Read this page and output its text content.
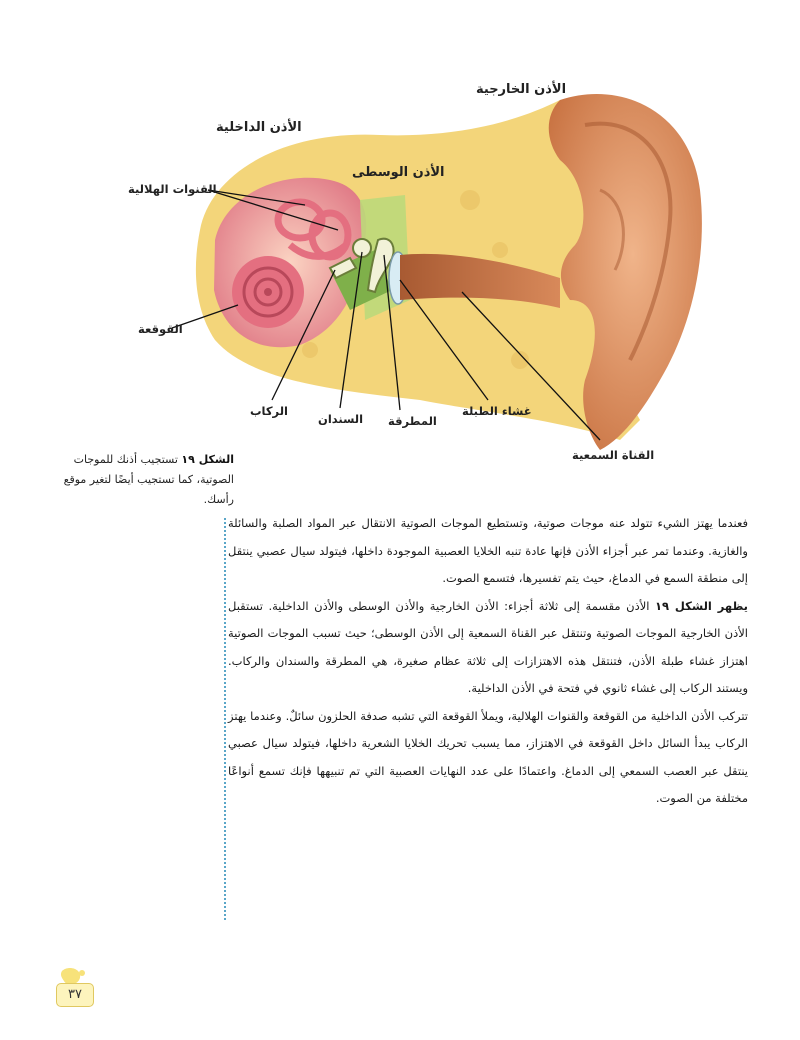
الأذن الخارجية
الأذن الداخلية
الأذن الوسطى
القنوات الهلالية
القوقعة
الركاب
السندان المطرقة
غشاء الطبلة
القناة السمعية
الشكل ١٩ تستجيب أذنك للموجات الصوتية، كما تستجيب أيضًا لتغير موقع رأسك.

فعندما يهتز الشيء تتولد عنه موجات صوتية، وتستطيع الموجات الصوتية الانتقال عبر المواد الصلبة والسائلة والغازية. وعندما تمر عبر أجزاء الأذن فإنها عادة تنبه الخلايا العصبية الموجودة داخلها، فيتولد سيال عصبي ينتقل إلى منطقة السمع في الدماغ، حيث يتم تفسيرها، فتسمع الصوت.

يظهر الشكل ١٩ الأذن مقسمة إلى ثلاثة أجزاء: الأذن الخارجية والأذن الوسطى والأذن الداخلية. تستقبل الأذن الخارجية الموجات الصوتية وتنتقل عبر القناة السمعية إلى الأذن الوسطى؛ حيث تسبب الموجات الصوتية اهتزاز غشاء طبلة الأذن، فتنتقل هذه الاهتزازات إلى ثلاثة عظام صغيرة، هي المطرقة والسندان والركاب. ويستند الركاب إلى غشاء ثانوي في فتحة في الأذن الداخلية.

تتركب الأذن الداخلية من القوقعة والقنوات الهلالية، ويملأ القوقعة التي تشبه صدفة الحلزون سائلٌ. وعندما يهتز الركاب يبدأ السائل داخل القوقعة في الاهتزاز، مما يسبب تحريك الخلايا الشعرية داخلها، فيتولد سيال عصبي ينتقل عبر العصب السمعي إلى الدماغ. واعتمادًا على عدد النهايات العصبية التي تم تنبيهها فإنك تسمع أنواعًا مختلفة من الصوت.

٣٧
